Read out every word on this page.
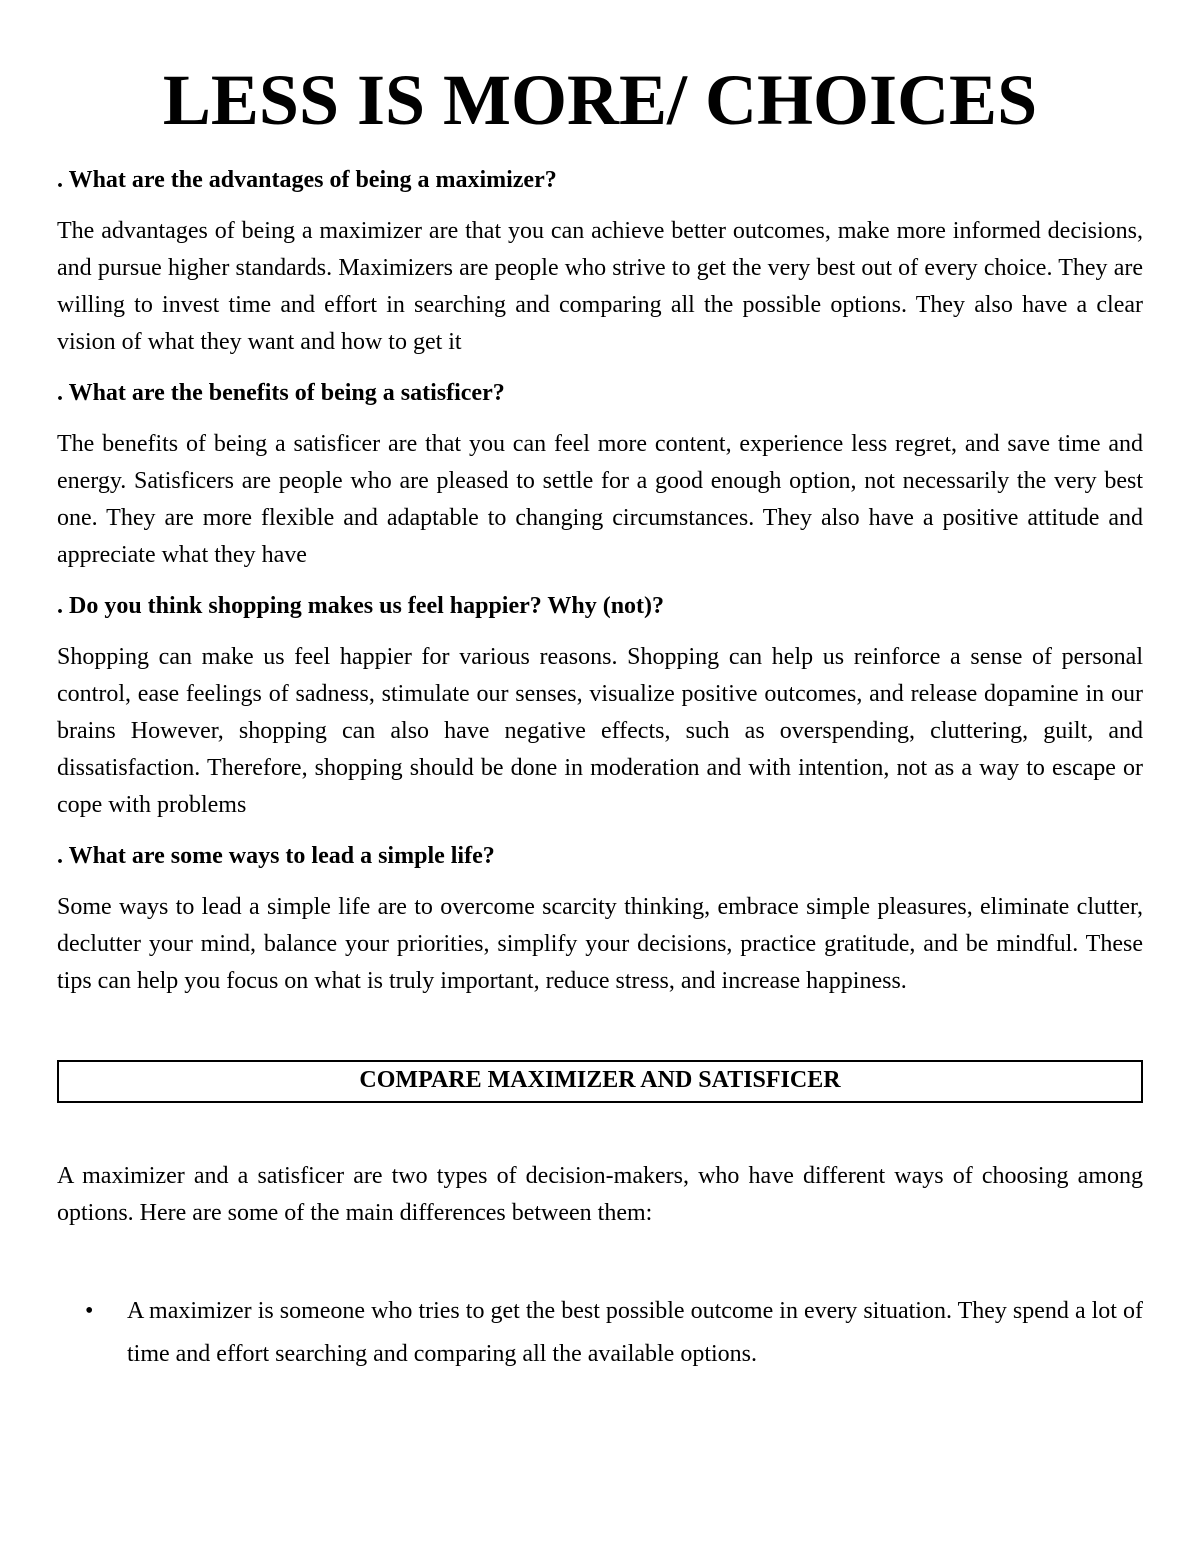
LESS IS MORE/ CHOICES
. What are the advantages of being a maximizer?

The advantages of being a maximizer are that you can achieve better outcomes, make more informed decisions, and pursue higher standards. Maximizers are people who strive to get the very best out of every choice. They are willing to invest time and effort in searching and comparing all the possible options. They also have a clear vision of what they want and how to get it

. What are the benefits of being a satisficer?

The benefits of being a satisficer are that you can feel more content, experience less regret, and save time and energy. Satisficers are people who are pleased to settle for a good enough option, not necessarily the very best one. They are more flexible and adaptable to changing circumstances. They also have a positive attitude and appreciate what they have

. Do you think shopping makes us feel happier? Why (not)?

Shopping can make us feel happier for various reasons. Shopping can help us reinforce a sense of personal control, ease feelings of sadness, stimulate our senses, visualize positive outcomes, and release dopamine in our brains However, shopping can also have negative effects, such as overspending, cluttering, guilt, and dissatisfaction. Therefore, shopping should be done in moderation and with intention, not as a way to escape or cope with problems

. What are some ways to lead a simple life?

Some ways to lead a simple life are to overcome scarcity thinking, embrace simple pleasures, eliminate clutter, declutter your mind, balance your priorities, simplify your decisions, practice gratitude, and be mindful. These tips can help you focus on what is truly important, reduce stress, and increase happiness.

COMPARE MAXIMIZER AND SATISFICER

A maximizer and a satisficer are two types of decision-makers, who have different ways of choosing among options. Here are some of the main differences between them:

• A maximizer is someone who tries to get the best possible outcome in every situation. They spend a lot of time and effort searching and comparing all the available options.
